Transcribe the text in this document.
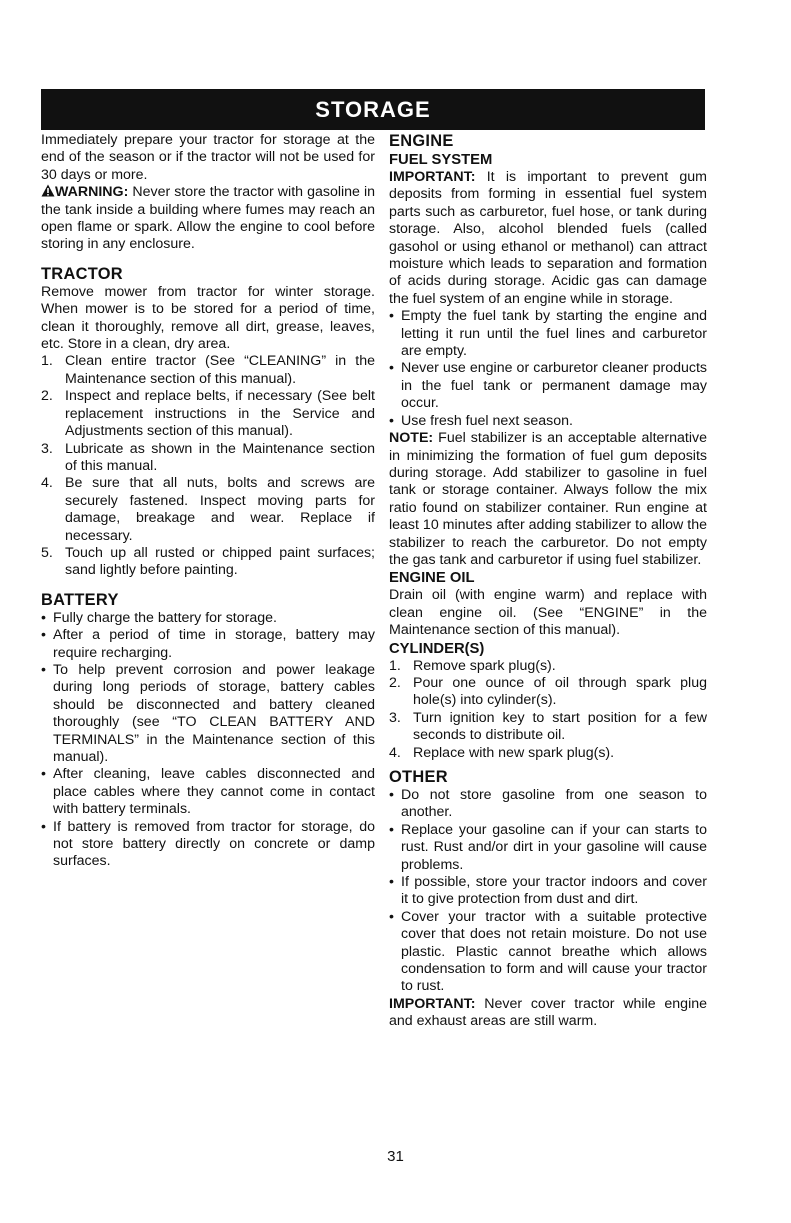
STORAGE

Immediately prepare your tractor for storage at the end of the season or if the tractor will not be used for 30 days or more.

WARNING: Never store the tractor with gasoline in the tank inside a building where fumes may reach an open flame or spark. Allow the engine to cool before storing in any enclosure.

TRACTOR

Remove mower from tractor for winter storage. When mower is to be stored for a period of time, clean it thoroughly, remove all dirt, grease, leaves, etc. Store in a clean, dry area.

1. Clean entire tractor (See “CLEANING” in the Maintenance section of this manual).
2. Inspect and replace belts, if necessary (See belt replacement instructions in the Service and Adjustments section of this manual).
3. Lubricate as shown in the Maintenance section of this manual.
4. Be sure that all nuts, bolts and screws are securely fastened. Inspect moving parts for damage, breakage and wear. Replace if necessary.
5. Touch up all rusted or chipped paint surfaces; sand lightly before painting.
BATTERY
• Fully charge the battery for storage.
• After a period of time in storage, battery may require recharging.
• To help prevent corrosion and power leakage during long periods of storage, battery cables should be disconnected and battery cleaned thoroughly (see “TO CLEAN BATTERY AND TERMINALS” in the Maintenance section of this manual).
• After cleaning, leave cables disconnected and place cables where they cannot come in contact with battery terminals.
• If battery is removed from tractor for storage, do not store battery directly on concrete or damp surfaces.
ENGINE
FUEL SYSTEM

IMPORTANT: It is important to prevent gum deposits from forming in essential fuel system parts such as carburetor, fuel hose, or tank during storage. Also, alcohol blended fuels (called gasohol or using ethanol or methanol) can attract moisture which leads to separation and formation of acids during storage. Acidic gas can damage the fuel system of an engine while in storage.

• Empty the fuel tank by starting the engine and letting it run until the fuel lines and carburetor are empty.
• Never use engine or carburetor cleaner products in the fuel tank or permanent damage may occur.
• Use fresh fuel next season.

NOTE: Fuel stabilizer is an acceptable alternative in minimizing the formation of fuel gum deposits during storage. Add stabilizer to gasoline in fuel tank or storage container. Always follow the mix ratio found on stabilizer container. Run engine at least 10 minutes after adding stabilizer to allow the stabilizer to reach the carburetor. Do not empty the gas tank and carburetor if using fuel stabilizer.

ENGINE OIL

Drain oil (with engine warm) and replace with clean engine oil. (See “ENGINE” in the Maintenance section of this manual).

CYLINDER(S)
1. Remove spark plug(s).
2. Pour one ounce of oil through spark plug hole(s) into cylinder(s).
3. Turn ignition key to start position for a few seconds to distribute oil.
4. Replace with new spark plug(s).
OTHER
• Do not store gasoline from one season to another.
• Replace your gasoline can if your can starts to rust. Rust and/or dirt in your gasoline will cause problems.
• If possible, store your tractor indoors and cover it to give protection from dust and dirt.
• Cover your tractor with a suitable protective cover that does not retain moisture. Do not use plastic. Plastic cannot breathe which allows condensation to form and will cause your tractor to rust.

IMPORTANT: Never cover tractor while engine and exhaust areas are still warm.

31
